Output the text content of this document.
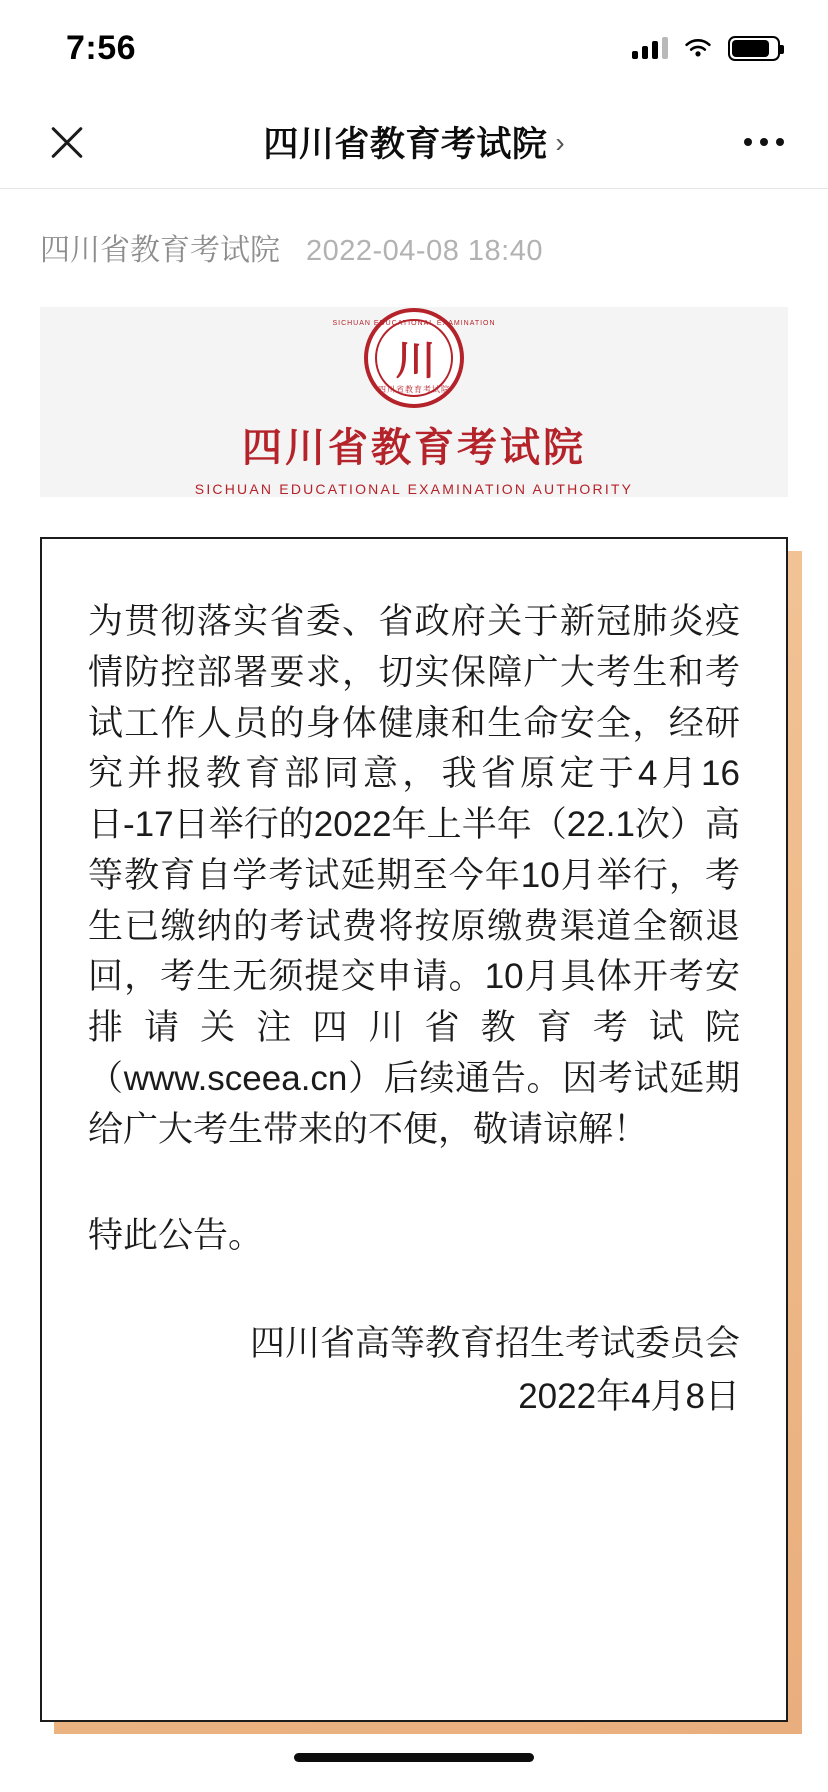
7:56
四川省教育考试院 ›
四川省教育考试院 2022-04-08 18:40
SICHUAN EDUCATIONAL EXAMINATION
川
四川省教育考试院
四川省教育考试院
SICHUAN EDUCATIONAL EXAMINATION AUTHORITY

为贯彻落实省委、省政府关于新冠肺炎疫情防控部署要求，切实保障广大考生和考试工作人员的身体健康和生命安全，经研究并报教育部同意，我省原定于4月16日-17日举行的2022年上半年（22.1次）高等教育自学考试延期至今年10月举行，考生已缴纳的考试费将按原缴费渠道全额退回，考生无须提交申请。10月具体开考安排请关注四川省教育考试院（www.sceea.cn）后续通告。因考试延期给广大考生带来的不便，敬请谅解！

特此公告。

四川省高等教育招生考试委员会
2022年4月8日
